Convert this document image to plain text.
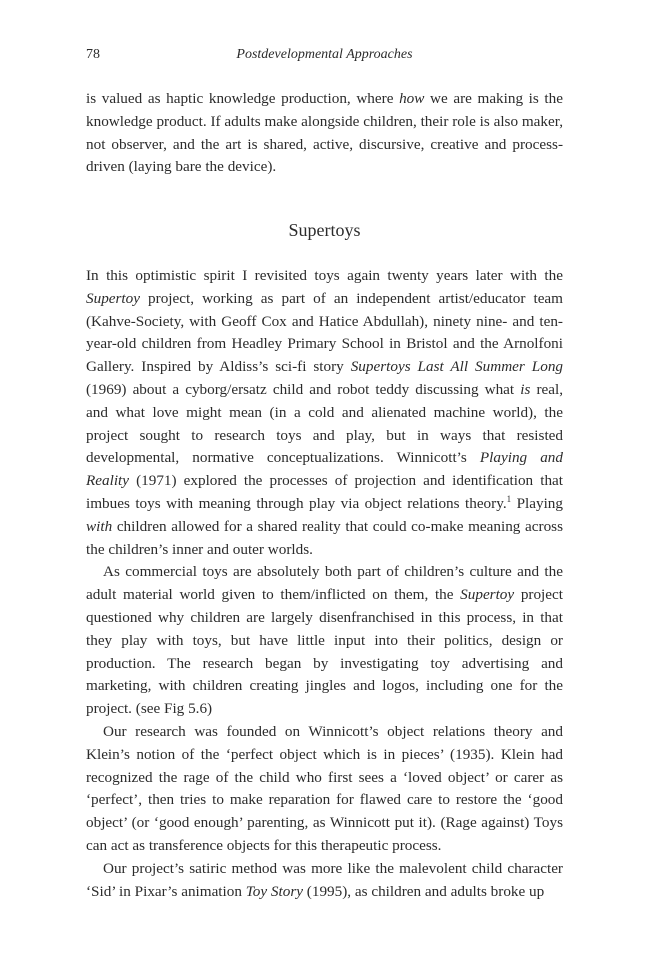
78	Postdevelopmental Approaches

is valued as haptic knowledge production, where how we are making is the knowledge product. If adults make alongside children, their role is also maker, not observer, and the art is shared, active, discursive, creative and process-driven (laying bare the device).

Supertoys

In this optimistic spirit I revisited toys again twenty years later with the Supertoy project, working as part of an independent artist/educator team (Kahve-Society, with Geoff Cox and Hatice Abdullah), ninety nine- and ten-year-old children from Headley Primary School in Bristol and the Arnolfoni Gallery. Inspired by Aldiss’s sci-fi story Supertoys Last All Summer Long (1969) about a cyborg/ersatz child and robot teddy discussing what is real, and what love might mean (in a cold and alienated machine world), the project sought to research toys and play, but in ways that resisted developmental, normative conceptualizations. Winnicott’s Playing and Reality (1971) explored the processes of projection and identification that imbues toys with meaning through play via object relations theory.$^1$ Playing with children allowed for a shared reality that could co-make meaning across the children’s inner and outer worlds.

As commercial toys are absolutely both part of children’s culture and the adult material world given to them/inflicted on them, the Supertoy project questioned why children are largely disenfranchised in this process, in that they play with toys, but have little input into their politics, design or production. The research began by investigating toy advertising and marketing, with children creating jingles and logos, including one for the project. (see Fig 5.6)

Our research was founded on Winnicott’s object relations theory and Klein’s notion of the ‘perfect object which is in pieces’ (1935). Klein had recognized the rage of the child who first sees a ‘loved object’ or carer as ‘perfect’, then tries to make reparation for flawed care to restore the ‘good object’ (or ‘good enough’ parenting, as Winnicott put it). (Rage against) Toys can act as transference objects for this therapeutic process.

Our project’s satiric method was more like the malevolent child character ‘Sid’ in Pixar’s animation Toy Story (1995), as children and adults broke up
